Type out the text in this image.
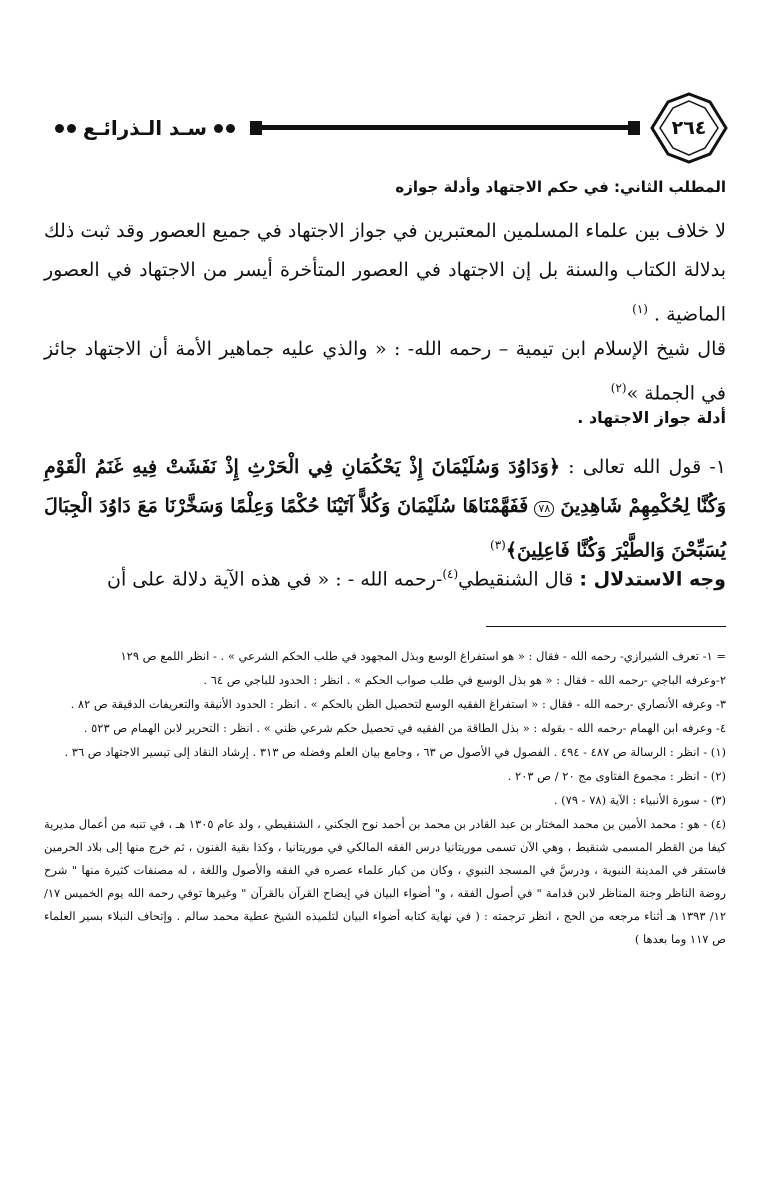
٢٦٤
سـد الـذرائـع
المطلب الثاني: في حكم الاجتهاد وأدلة جوازه
لا خلاف بين علماء المسلمين المعتبرين في جواز الاجتهاد في جميع العصور وقد ثبت ذلك بدلالة الكتاب والسنة بل إن الاجتهاد في العصور المتأخرة أيسر من الاجتهاد في العصور الماضية . $^{(١)}$
قال شيخ الإسلام ابن تيمية – رحمه الله- : « والذي عليه جماهير الأمة أن الاجتهاد جائز في الجملة »$^{(٢)}$
أدلة جواز الاجتهاد .
١- قول الله تعالى : ﴿وَدَاوُدَ وَسُلَيْمَانَ إِذْ يَحْكُمَانِ فِي الْحَرْثِ إِذْ نَفَشَتْ فِيهِ غَنَمُ الْقَوْمِ وَكُنَّا لِحُكْمِهِمْ شَاهِدِينَ ٧٨ فَفَهَّمْنَاهَا سُلَيْمَانَ وَكُلاًّ آتَيْنَا حُكْمًا وَعِلْمًا وَسَخَّرْنَا مَعَ دَاوُدَ الْجِبَالَ يُسَبِّحْنَ وَالطَّيْرَ وَكُنَّا فَاعِلِينَ﴾$^{(٣)}$
وجه الاستدلال : قال الشنقيطي$^{(٤)}$-رحمه الله - : « في هذه الآية دلالة على أن
= ١- تعرف الشيرازي- رحمه الله - فقال : « هو استفراغ الوسع وبذل المجهود في طلب الحكم الشرعي » . - انظر اللمع ص ١٢٩
٢-وعرفه الباجي -رحمه الله - فقال : « هو بذل الوسع في طلب صواب الحكم » . انظر : الحدود للباجي ص ٦٤ .
٣- وعرفه الأنصاري -رحمه الله - فقال : « استفراغ الفقيه الوسع لتحصيل الظن بالحكم » . انظر : الحدود الأنيقة والتعريفات الدقيقة ص ٨٢ .
٤- وعرفه ابن الهمام -رحمه الله - بقوله : « بذل الطاقة من الفقيه في تحصيل حكم شرعي ظني » . انظر : التحرير لابن الهمام ص ٥٢٣ .
(١) - انظر : الرسالة ص ٤٨٧ - ٤٩٤ . الفصول في الأصول ص ٦٣ ، وجامع بيان العلم وفضله ص ٣١٣ . إرشاد النقاد إلى تيسير الاجتهاد ص ٣٦ .
(٢) - انظر : مجموع الفتاوى مج ٢٠ / ص ٢٠٣ .
(٣) - سورة الأنبياء : الآية (٧٨ - ٧٩) .
(٤) - هو : محمد الأمين بن محمد المختار بن عبد القادر بن محمد بن أحمد نوح الجكني ، الشنقيطي ، ولد عام ١٣٠٥ هـ ، في تنبه من أعمال مديرية كيفا من القطر المسمى شنقيط ، وهي الآن تسمى موريتانيا درس الفقه المالكي في موريتانيا ، وكذا بقية الفنون ، ثم خرج منها إلى بلاد الحرمين فاستقر في المدينة النبوية ، ودرسَّ في المسجد النبوي ، وكان من كبار علماء عصره في الفقه والأصول واللغة ، له مصنفات كثيرة منها " شرح روضة الناظر وجنة المناظر لابن قدامة " في أصول الفقه ، و" أضواء البيان في إيضاح القرآن بالقرآن " وغيرها توفي رحمه الله يوم الخميس ١٧/ ١٢/ ١٣٩٣ هـ أثناء مرجعه من الحج ، انظر ترجمته : ( في نهاية كتابه أضواء البيان لتلميذه الشيخ عطية محمد سالم . وإتحاف النبلاء بسير العلماء ص ١١٧ وما بعدها )
